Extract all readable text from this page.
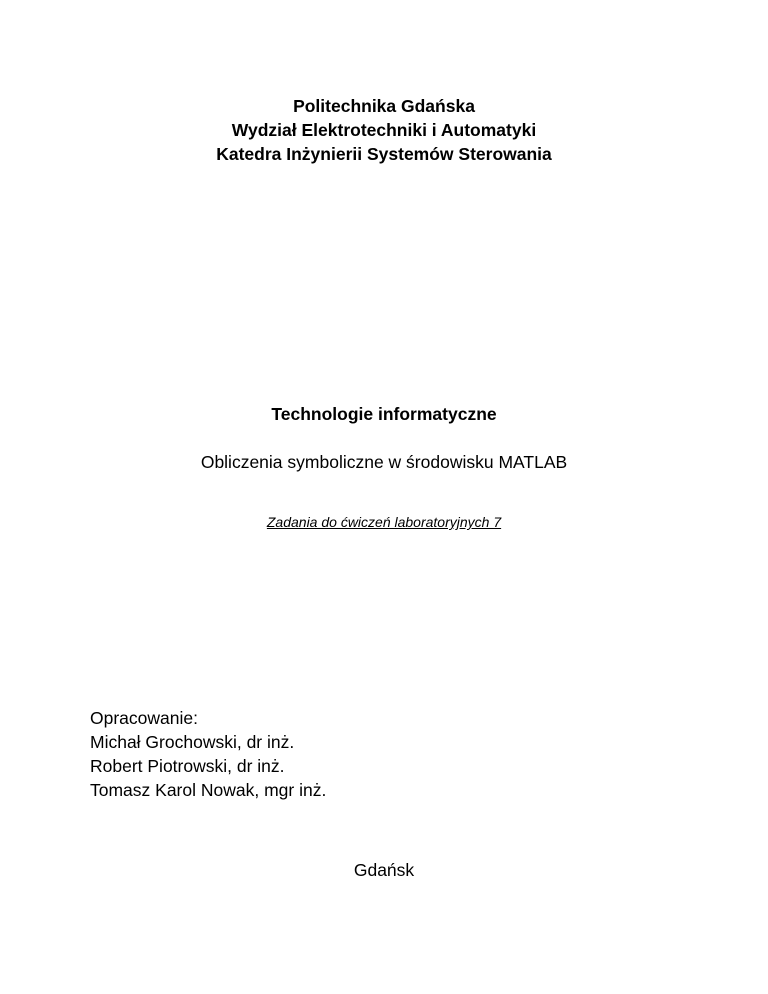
Politechnika Gdańska
Wydział Elektrotechniki i Automatyki
Katedra Inżynierii Systemów Sterowania
Technologie informatyczne
Obliczenia symboliczne w środowisku MATLAB
Zadania do ćwiczeń laboratoryjnych 7
Opracowanie:
Michał Grochowski, dr inż.
Robert Piotrowski, dr inż.
Tomasz Karol Nowak, mgr inż.
Gdańsk
